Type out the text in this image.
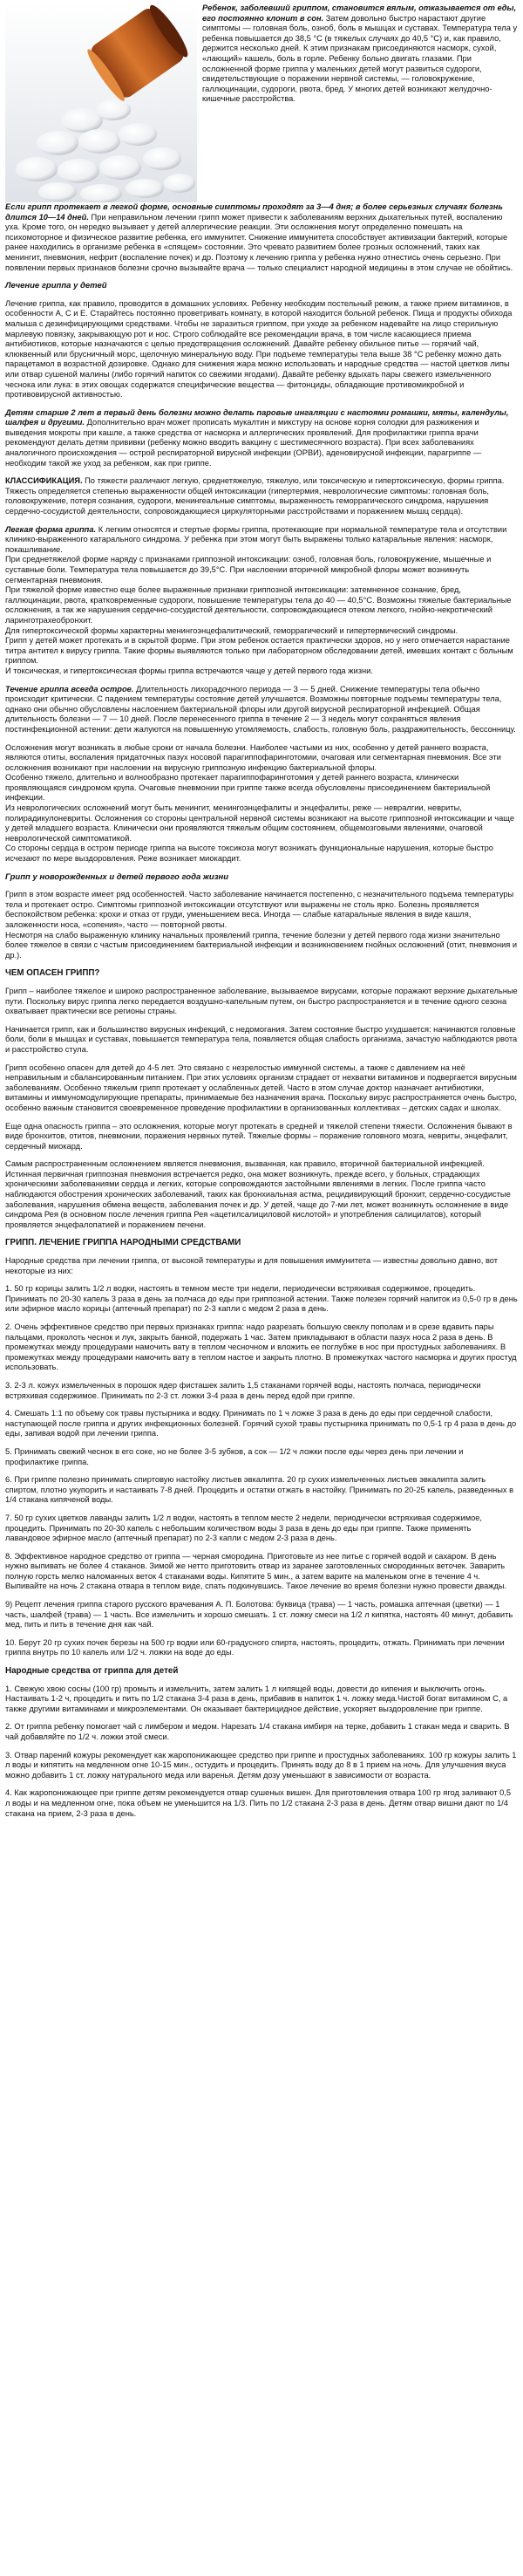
Ребенок, заболевший гриппом, становится вялым, отказывается от еды, его постоянно клонит в сон. Затем довольно быстро нарастают другие симптомы — головная боль, озноб, боль в мышцах и суставах. Температура тела у ребенка повышается до 38,5 °С (в тяжелых случаях до 40,5 °С) и, как правило, держится несколько дней. К этим признакам присоединяются насморк, сухой, «лающий» кашель, боль в горле. Ребенку больно двигать глазами. При осложненной форме гриппа у маленьких детей могут развиться судороги, свидетельствующие о поражении нервной системы, — головокружение, галлюцинации, судороги, рвота, бред. У многих детей возникают желудочно-кишечные расстройства.

Если грипп протекает в легкой форме, основные симптомы проходят за 3—4 дня; в более серьезных случаях болезнь длится 10—14 дней. При неправильном лечении грипп может привести к заболеваниям верхних дыхательных путей, воспалению уха. Кроме того, он нередко вызывает у детей аллергические реакции. Эти осложнения могут определенно помешать на психомоторное и физическое развитие ребенка, его иммунитет. Снижение иммунитета способствует активизации бактерий, которые ранее находились в организме ребенка в «спящем» состоянии. Это чревато развитием более грозных осложнений, таких как менингит, пневмония, нефрит (воспаление почек) и др. Поэтому к лечению гриппа у ребенка нужно отнестись очень серьезно. При появлении первых признаков болезни срочно вызывайте врача — только специалист народной медицины в этом случае не обойтись.

Лечение гриппа у детей

Лечение гриппа, как правило, проводится в домашних условиях. Ребенку необходим постельный режим, а также прием витаминов, в особенности А, С и Е. Старайтесь постоянно проветривать комнату, в которой находится больной ребенок. Пища и продукты обихода малыша с дезинфицирующими средствами. Чтобы не заразиться гриппом, при уходе за ребенком надевайте на лицо стерильную марлевую повязку, закрывающую рот и нос. Строго соблюдайте все рекомендации врача, в том числе касающиеся приема антибиотиков, которые назначаются с целью предотвращения осложнений. Давайте ребенку обильное питье — горячий чай, клюквенный или брусничный морс, щелочную минеральную воду. При подъеме температуры тела выше 38 °С ребенку можно дать парацетамол в возрастной дозировке. Однако для снижения жара можно использовать и народные средства — настой цветков липы или отвар сушеной малины (либо горячий напиток со свежими ягодами). Давайте ребенку вдыхать пары свежего измельченного чеснока или лука: в этих овощах содержатся специфические вещества — фитонциды, обладающие противомикробной и противовирусной активностью.

Детям старше 2 лет в первый день болезни можно делать паровые ингаляции с настоями ромашки, мяты, календулы, шалфея и другими. Дополнительно врач может прописать мукалтин и микстуру на основе корня солодки для разжижения и выведения мокроты при кашле, а также средства от насморка и аллергических проявлений. Для профилактики гриппа врачи рекомендуют делать детям прививки (ребенку можно вводить вакцину с шестимесячного возраста). При всех заболеваниях аналогичного происхождения — острой респираторной вирусной инфекции (ОРВИ), аденовирусной инфекции, парагриппе — необходим такой же уход за ребенком, как при гриппе.

КЛАССИФИКАЦИЯ. По тяжести различают легкую, среднетяжелую, тяжелую, или токсическую и гипертоксическую, формы гриппа. Тяжесть определяется степенью выраженности общей интоксикации (гипертермия, неврологические симптомы: головная боль, головокружение, потеря сознания, судороги, менингеальные симптомы, выраженность геморрагического синдрома, нарушения сердечно-сосудистой деятельности, сопровождающиеся циркуляторными расстройствами и поражением мышц сердца).

Легкая форма гриппа. К легким относятся и стертые формы гриппа, протекающие при нормальной температуре тела и отсутствии клинико-выраженного катарального синдрома. У ребенка при этом могут быть выражены только катаральные явления: насморк, покашливание.
При среднетяжелой форме наряду с признаками гриппозной интоксикации: озноб, головная боль, головокружение, мышечные и суставные боли. Температура тела повышается до 39,5°С. При наслоении вторичной микробной флоры может возникнуть сегментарная пневмония.
При тяжелой форме известно еще более выраженные признаки гриппозной интоксикации: затемненное сознание, бред, галлюцинации, рвота, кратковременные судороги, повышение температуры тела до 40 — 40,5°С. Возможны тяжелые бактериальные осложнения, а так же нарушения сердечно-сосудистой деятельности, сопровождающиеся отеком легкого, гнойно-некротический ларинготрахеобронхит.
Для гипертоксической формы характерны менингоэнцефалитический, геморрагический и гипертермический синдромы.
Грипп у детей может протекать и в скрытой форме. При этом ребенок остается практически здоров, но у него отмечается нарастание титра антител к вирусу гриппа. Такие формы выявляются только при лабораторном обследовании детей, имевших контакт с больным гриппом.
И токсическая, и гипертоксическая формы гриппа встречаются чаще у детей первого года жизни.

Течение гриппа всегда острое. Длительность лихорадочного периода — 3 — 5 дней. Снижение температуры тела обычно происходит критически. С падением температуры состояние детей улучшается. Возможны повторные подъемы температуры тела, однако они обычно обусловлены наслоением бактериальной флоры или другой вирусной респираторной инфекцией. Общая длительность болезни — 7 — 10 дней. После перенесенного гриппа в течение 2 — 3 недель могут сохраняться явления постинфекционной астении: дети жалуются на повышенную утомляемость, слабость, головную боль, раздражительность, бессонницу.

Осложнения могут возникать в любые сроки от начала болезни. Наиболее частыми из них, особенно у детей раннего возраста, являются отиты, воспаления придаточных пазух носовой парагиппофаринготомии, очаговая или сегментарная пневмония. Все эти осложнения возникают при наслоении на вирусную гриппозную инфекцию бактериальной флоры.
Особенно тяжело, длительно и волнообразно протекает парагиппофаринготомия у детей раннего возраста, клинически проявляющаяся синдромом крупа. Очаговые пневмонии при гриппе также всегда обусловлены присоединением бактериальной инфекции.
Из неврологических осложнений могут быть менингит, менингоэнцефалиты и энцефалиты, реже — невралгии, невриты, полирадикулоневриты. Осложнения со стороны центральной нервной системы возникают на высоте гриппозной интоксикации и чаще у детей младшего возраста. Клинически они проявляются тяжелым общим состоянием, общемозговыми явлениями, очаговой неврологической симптоматикой.
Со стороны сердца в остром периоде гриппа на высоте токсикоза могут возникать функциональные нарушения, которые быстро исчезают по мере выздоровления. Реже возникает миокардит.

Грипп у новорожденных и детей первого года жизни

Грипп в этом возрасте имеет ряд особенностей. Часто заболевание начинается постепенно, с незначительного подъема температуры тела и протекает остро. Симптомы гриппозной интоксикации отсутствуют или выражены не столь ярко. Болезнь проявляется беспокойством ребенка: крохи и отказ от груди, уменьшением веса. Иногда — слабые катаральные явления в виде кашля, заложенности носа, «сопения», часто — повторной рвоты.
Несмотря на слабо выраженную клинику начальных проявлений гриппа, течение болезни у детей первого года жизни значительно более тяжелое в связи с частым присоединением бактериальной инфекции и возникновением гнойных осложнений (отит, пневмония и др.).

ЧЕМ ОПАСЕН ГРИПП?

Грипп – наиболее тяжелое и широко распространенное заболевание, вызываемое вирусами, которые поражают верхние дыхательные пути. Поскольку вирус гриппа легко передается воздушно-капельным путем, он быстро распространяется и в течение одного сезона охватывает практически все регионы страны.

Начинается грипп, как и большинство вирусных инфекций, с недомогания. Затем состояние быстро ухудшается: начинаются головные боли, боли в мышцах и суставах, повышается температура тела, появляется общая слабость организма, зачастую наблюдаются рвота и расстройство стула.

Грипп особенно опасен для детей до 4-5 лет. Это связано с незрелостью иммунной системы, а также с давлением на неё неправильным и сбалансированным питанием. При этих условиях организм страдает от нехватки витаминов и подвергается вирусным заболеваниям. Особенно тяжелым грипп протекает у ослабленных детей. Часто в этом случае доктор назначает антибиотики, витамины и иммуномодулирующие препараты, принимаемые без назначения врача. Поскольку вирус распространяется очень быстро, особенно важным становится своевременное проведение профилактики в организованных коллективах – детских садах и школах.

Еще одна опасность гриппа – это осложнения, которые могут протекать в средней и тяжелой степени тяжести. Осложнения бывают в виде бронхитов, отитов, пневмонии, поражения нервных путей. Тяжелые формы – поражение головного мозга, невриты, энцефалит, сердечный миокард.

Самым распространенным осложнением является пневмония, вызванная, как правило, вторичной бактериальной инфекцией. Истинная первичная гриппозная пневмония встречается редко, она может возникнуть, прежде всего, у больных, страдающих хроническими заболеваниями сердца и легких, которые сопровождаются застойными явлениями в легких. После гриппа часто наблюдаются обострения хронических заболеваний, таких как бронхиальная астма, рецидивирующий бронхит, сердечно-сосудистые заболевания, нарушения обмена веществ, заболевания почек и др. У детей, чаще до 7-ми лет, может возникнуть осложнение в виде синдрома Рея (в основном после лечения гриппа Рея «ацетилсалициловой кислотой» и употребления салицилатов), который проявляется энцефалопатией и поражением печени.

ГРИПП. ЛЕЧЕНИЕ ГРИППА НАРОДНЫМИ СРЕДСТВАМИ

Народные средства при лечении гриппа, от высокой температуры и для повышения иммунитета — известны довольно давно, вот некоторые из них:

1. 50 гр корицы залить 1/2 л водки, настоять в темном месте три недели, периодически встряхивая содержимое, процедить. Принимать по 20-30 капель 3 раза в день за полчаса до еды при гриппозной астении. Также полезен горячий напиток из 0,5-0 гр в день или эфирное масло корицы (аптечный препарат) по 2-3 капли с медом 2 раза в день.

2. Очень эффективное средство при первых признаках гриппа: надо разрезать большую свеклу пополам и в срезе вдавить пары пальцами, проколоть чеснок и лук, закрыть банкой, подержать 1 час. Затем прикладывают в области пазух носа 2 раза в день. В промежутках между процедурами намочить вату в теплом чесночном и вложить ее поглубже в нос при простудных заболеваниях. В промежутках между процедурами намочить вату в теплом настое и закрыть плотно. В промежутках частого насморка и других простуд использовать.

3. 2-3 л. кожух измельченных в порошок ядер фисташек залить 1,5 стаканами горячей воды, настоять полчаса, периодически встряхивая содержимое. Принимать по 2-3 ст. ложки 3-4 раза в день перед едой при гриппе.

4. Смешать 1:1 по объему сок травы пустырника и водку. Принимать по 1 ч ложке 3 раза в день до еды при сердечной слабости, наступающей после гриппа и других инфекционных болезней. Горячий сухой травы пустырника принимать по 0,5-1 гр 4 раза в день до еды, запивая водой при лечении гриппа.

5. Принимать свежий чеснок в его соке, но не более 3-5 зубков, а сок — 1/2 ч ложки после еды через день при лечении и профилактике гриппа.

6. При гриппе полезно принимать спиртовую настойку листьев эвкалипта. 20 гр сухих измельченных листьев эвкалипта залить спиртом, плотно укупорить и настаивать 7-8 дней. Процедить и остатки отжать в настойку. Принимать по 20-25 капель, разведенных в 1/4 стакана кипяченой воды.

7. 50 гр сухих цветков лаванды залить 1/2 л водки, настоять в теплом месте 2 недели, периодически встряхивая содержимое, процедить. Принимать по 20-30 капель с небольшим количеством воды 3 раза в день до еды при гриппе. Также применять лавандовое эфирное масло (аптечный препарат) по 2-3 капли с медом 2-3 раза в день.

8. Эффективное народное средство от гриппа — черная смородина. Приготовьте из нее питье с горячей водой и сахаром. В день нужно выпивать не более 4 стаканов. Зимой же нетто приготовить отвар из заранее заготовленных смородинных веточек. Заварить полную горсть мелко наломанных веток 4 стаканами воды. Кипятите 5 мин., а затем варите на маленьком огне в течение 4 ч. Выпивайте на ночь 2 стакана отвара в теплом виде, спать подкинувшись. Такое лечение во время болезни нужно провести дважды.

9) Рецепт лечения гриппа старого русского врачевания А. П. Болотова: буквица (трава) — 1 часть, ромашка аптечная (цветки) — 1 часть, шалфей (трава) — 1 часть. Все измельчить и хорошо смешать. 1 ст. ложку смеси на 1/2 л кипятка, настоять 40 минут, добавить мед, пить и пить в течение дня как чай.

10. Берут 20 гр сухих почек березы на 500 гр водки или 60-градусного спирта, настоять, процедить, отжать. Принимать при лечении гриппа внутрь по 10 капель или 1/2 ч. ложки на воде до еды.

Народные средства от гриппа для детей

1. Свежую хвою сосны (100 гр) промыть и измельчить, затем залить 1 л кипящей воды, довести до кипения и выключить огонь. Настаивать 1-2 ч, процедить и пить по 1/2 стакана 3-4 раза в день, прибавив в напиток 1 ч. ложку меда.Чистой богат витамином С, а также другими витаминами и микроэлементами. Он оказывает бактерицидное действие, ускоряет выздоровление при гриппе.

2. От гриппа ребенку помогает чай с лимбером и медом. Нарезать 1/4 стакана имбиря на терке, добавить 1 стакан меда и сварить. В чай добавляйте по 1/2 ч. ложки этой смеси.

3. Отвар парений кожуры рекомендует как жаропонижающее средство при гриппе и простудных заболеваниях. 100 гр кожуры залить 1 л воды и кипятить на медленном огне 10-15 мин., остудить и процедить. Принять воду до 8 в 1 прием на ночь. Для улучшения вкуса можно добавить 1 ст. ложку натурального меда или варенья. Детям дозу уменьшают в зависимости от возраста.

4. Как жаропонижающее при гриппе детям рекомендуется отвар сушеных вишен. Для приготовления отвара 100 гр ягод заливают 0,5 л воды и на медленном огне, пока объем не уменьшится на 1/3. Пить по 1/2 стакана 2-3 раза в день. Детям отвар вишни дают по 1/4 стакана на прием, 2-3 раза в день.
